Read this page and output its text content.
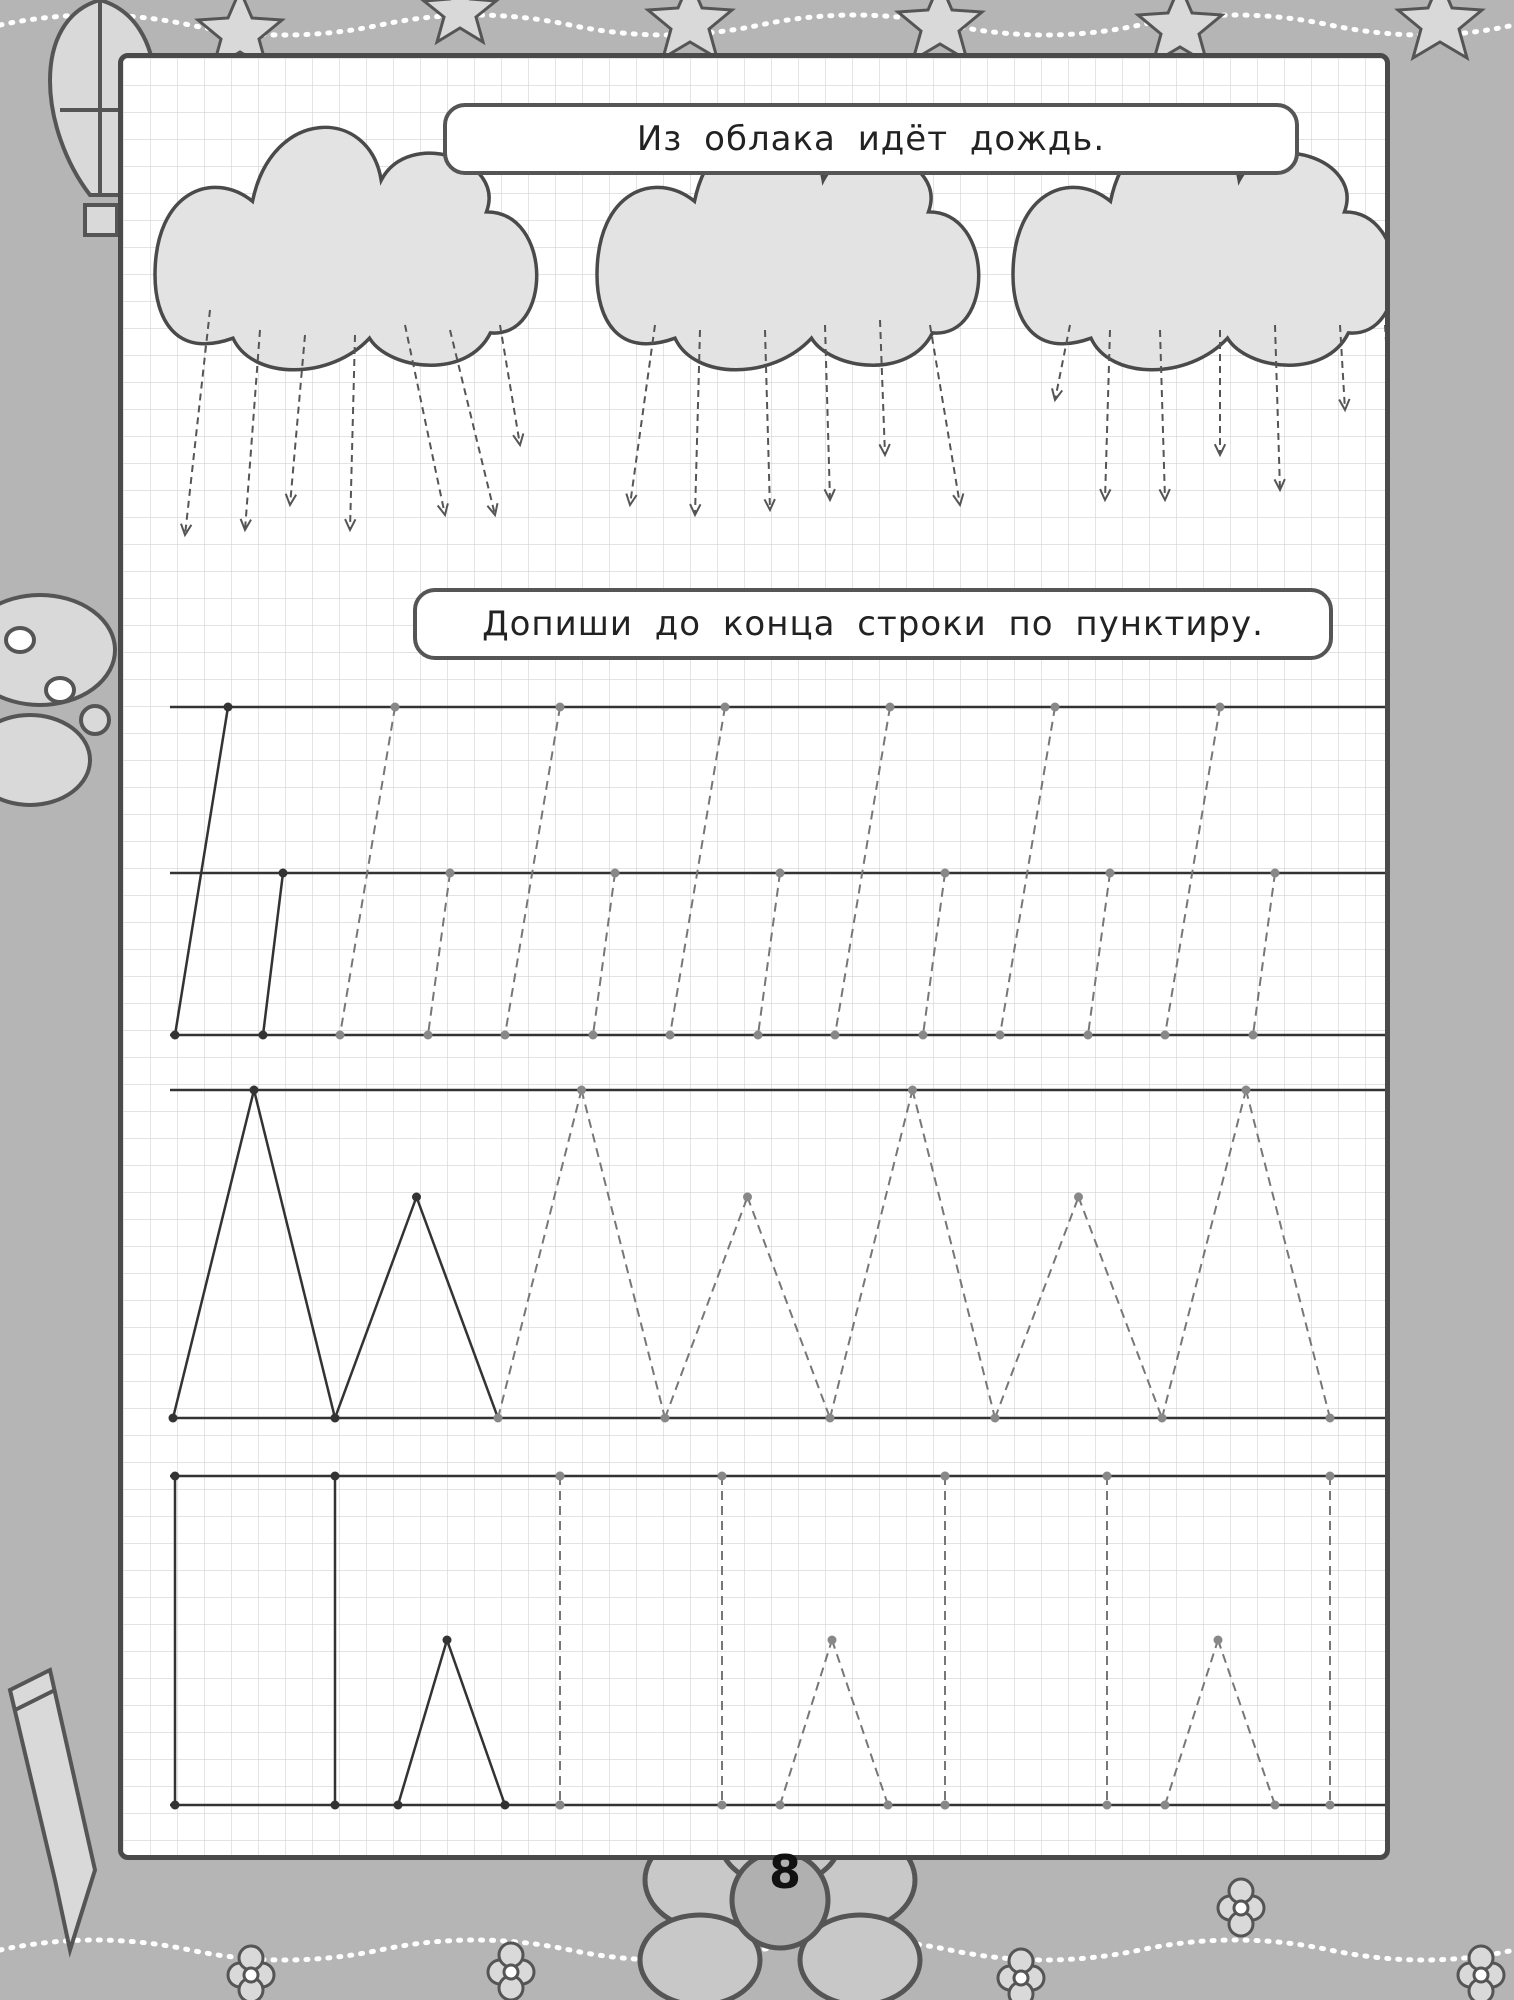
Из облака идёт дождь.
Допиши до конца строки по пунктиру.
8
